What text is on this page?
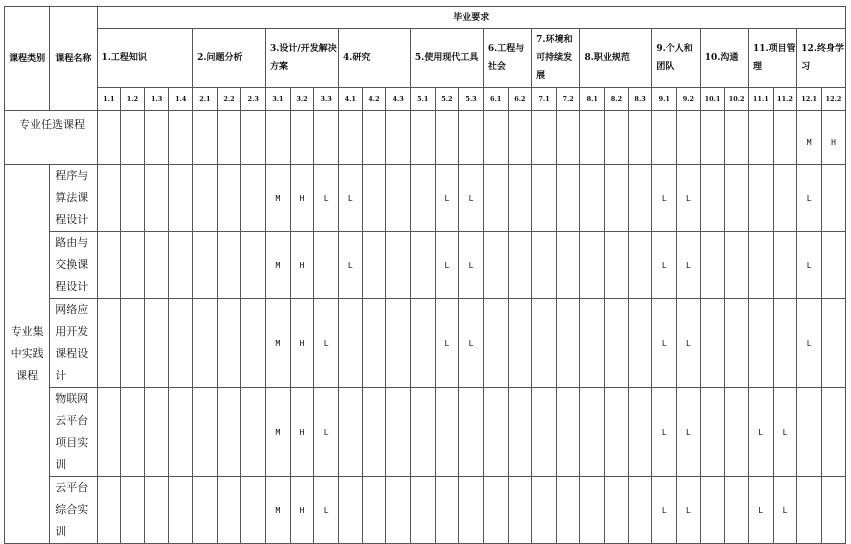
课程类别	课程名称	毕业要求																														
		1.工程知识				2.问题分析			3.设计/开发解决方案			4.研究			5.使用现代工具			6.工程与社会		7.环境和可持续发展		8.职业规范			9.个人和团队		10.沟通		11.项目管理		12.终身学习	
		1.1	1.2	1.3	1.4	2.1	2.2	2.3	3.1	3.2	3.3	4.1	4.2	4.3	5.1	5.2	5.3	6.1	6.2	7.1	7.2	8.1	8.2	8.3	9.1	9.2	10.1	10.2	11.1	11.2	12.1	12.2
专业任选课程																															M	H
专业集中实践课程	程序与算法课程设计								M	H	L	L				L	L								L	L					L	
	路由与交换课程设计								M	H		L				L	L								L	L					L	
	网络应用开发课程设计								M	H	L					L	L								L	L					L	
	物联网云平台项目实训								M	H	L														L	L			L	L		
	云平台综合实训								M	H	L														L	L			L	L		
